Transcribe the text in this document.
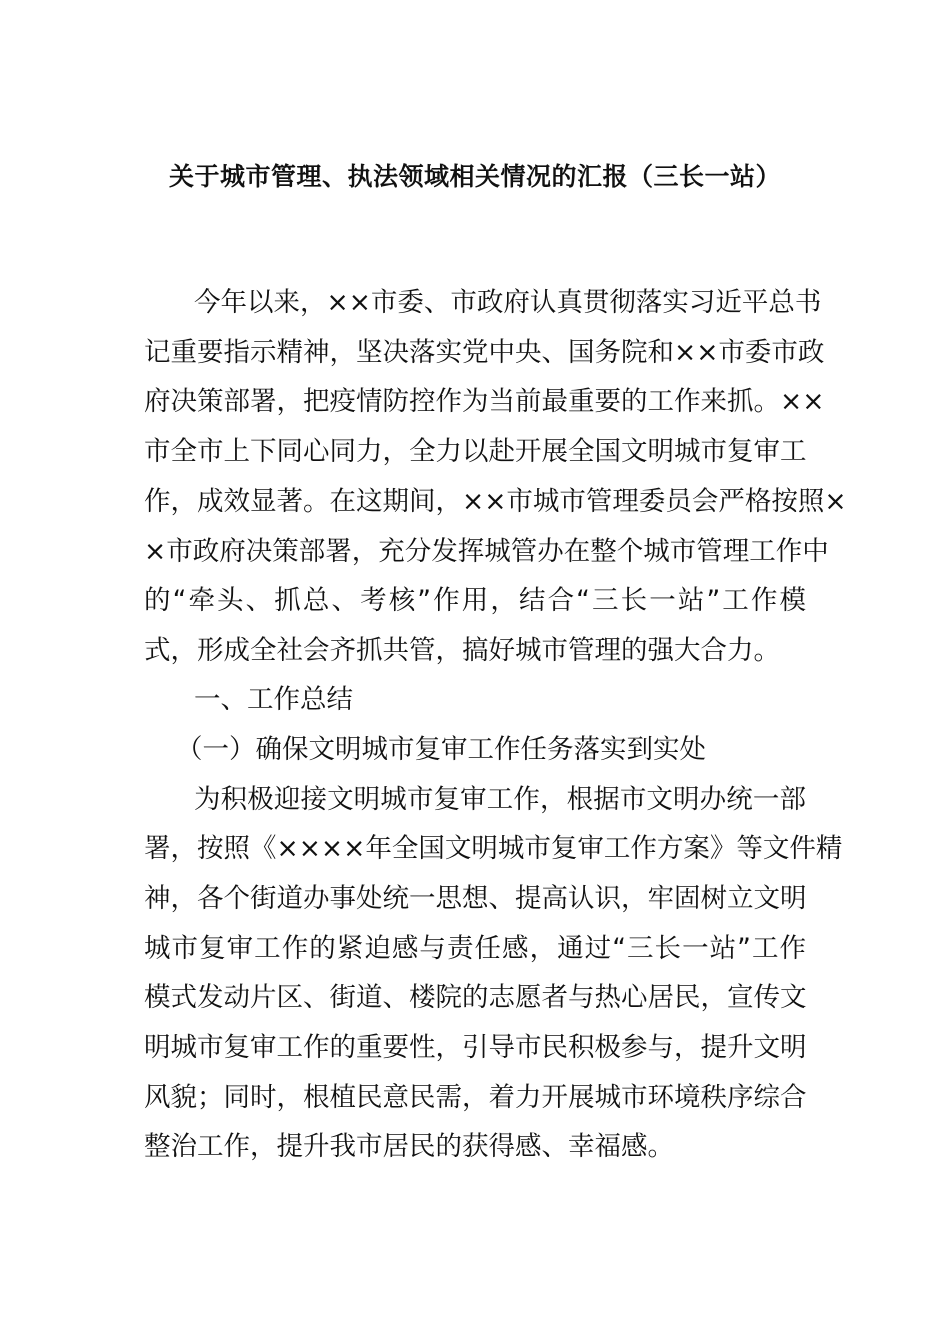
关于城市管理、执法领域相关情况的汇报（三长一站）
今年以来，××市委、市政府认真贯彻落实习近平总书
记重要指示精神，坚决落实党中央、国务院和××市委市政
府决策部署，把疫情防控作为当前最重要的工作来抓。××
市全市上下同心同力，全力以赴开展全国文明城市复审工
作，成效显著。在这期间，××市城市管理委员会严格按照×
×市政府决策部署，充分发挥城管办在整个城市管理工作中
的“牵头、抓总、考核”作用，结合“三长一站”工作模
式，形成全社会齐抓共管，搞好城市管理的强大合力。
一、工作总结
（一）确保文明城市复审工作任务落实到实处
为积极迎接文明城市复审工作，根据市文明办统一部
署，按照《××××年全国文明城市复审工作方案》等文件精
神，各个街道办事处统一思想、提高认识，牢固树立文明
城市复审工作的紧迫感与责任感，通过“三长一站”工作
模式发动片区、街道、楼院的志愿者与热心居民，宣传文
明城市复审工作的重要性，引导市民积极参与，提升文明
风貌；同时，根植民意民需，着力开展城市环境秩序综合
整治工作，提升我市居民的获得感、幸福感。
